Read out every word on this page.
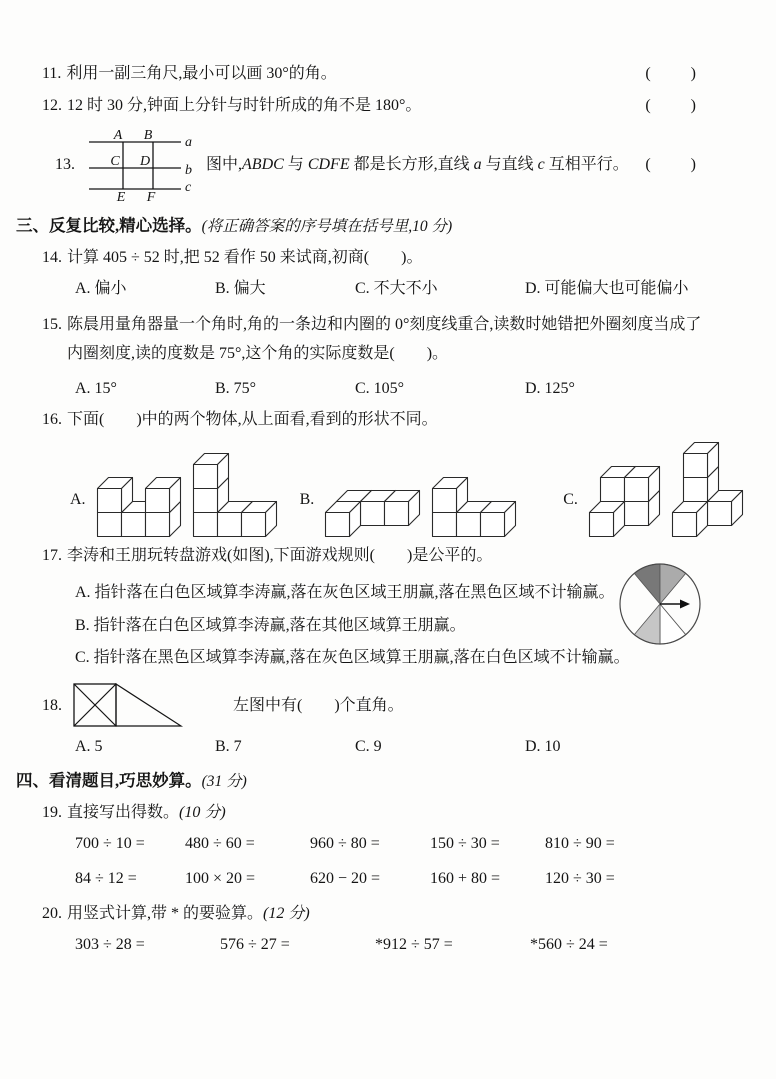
11. 利用一副三角尺,最小可以画 30°的角。	(   )
12. 12 时 30 分,钟面上分针与时针所成的角不是 180°。	(   )
13.
A B
C D
E F
a
b
c
图中,ABDC 与 CDFE 都是长方形,直线 a 与直线 c 互相平行。 (   )
三、反复比较,精心选择。(将正确答案的序号填在括号里,10 分)
14. 计算 405 ÷ 52 时,把 52 看作 50 来试商,初商(  )。
A. 偏小	B. 偏大	C. 不大不小	D. 可能偏大也可能偏小
15. 陈晨用量角器量一个角时,角的一条边和内圈的 0°刻度线重合,读数时她错把外圈刻度当成了
内圈刻度,读的度数是 75°,这个角的实际度数是(  )。
A. 15°	B. 75°	C. 105°	D. 125°
16. 下面(  )中的两个物体,从上面看,看到的形状不同。
A.	B.	C.
17. 李涛和王朋玩转盘游戏(如图),下面游戏规则(  )是公平的。
A. 指针落在白色区域算李涛赢,落在灰色区域王朋赢,落在黑色区域不计输赢。
B. 指针落在白色区域算李涛赢,落在其他区域算王朋赢。
C. 指针落在黑色区域算李涛赢,落在灰色区域算王朋赢,落在白色区域不计输赢。
18.	左图中有(  )个直角。
A. 5	B. 7	C. 9	D. 10
四、看清题目,巧思妙算。(31 分)
19. 直接写出得数。(10 分)
700 ÷ 10 =	480 ÷ 60 =	960 ÷ 80 =	150 ÷ 30 =	810 ÷ 90 =
84 ÷ 12 =	100 × 20 =	620 − 20 =	160 + 80 =	120 ÷ 30 =
20. 用竖式计算,带 * 的要验算。(12 分)
303 ÷ 28 =	576 ÷ 27 =	*912 ÷ 57 =	*560 ÷ 24 =
